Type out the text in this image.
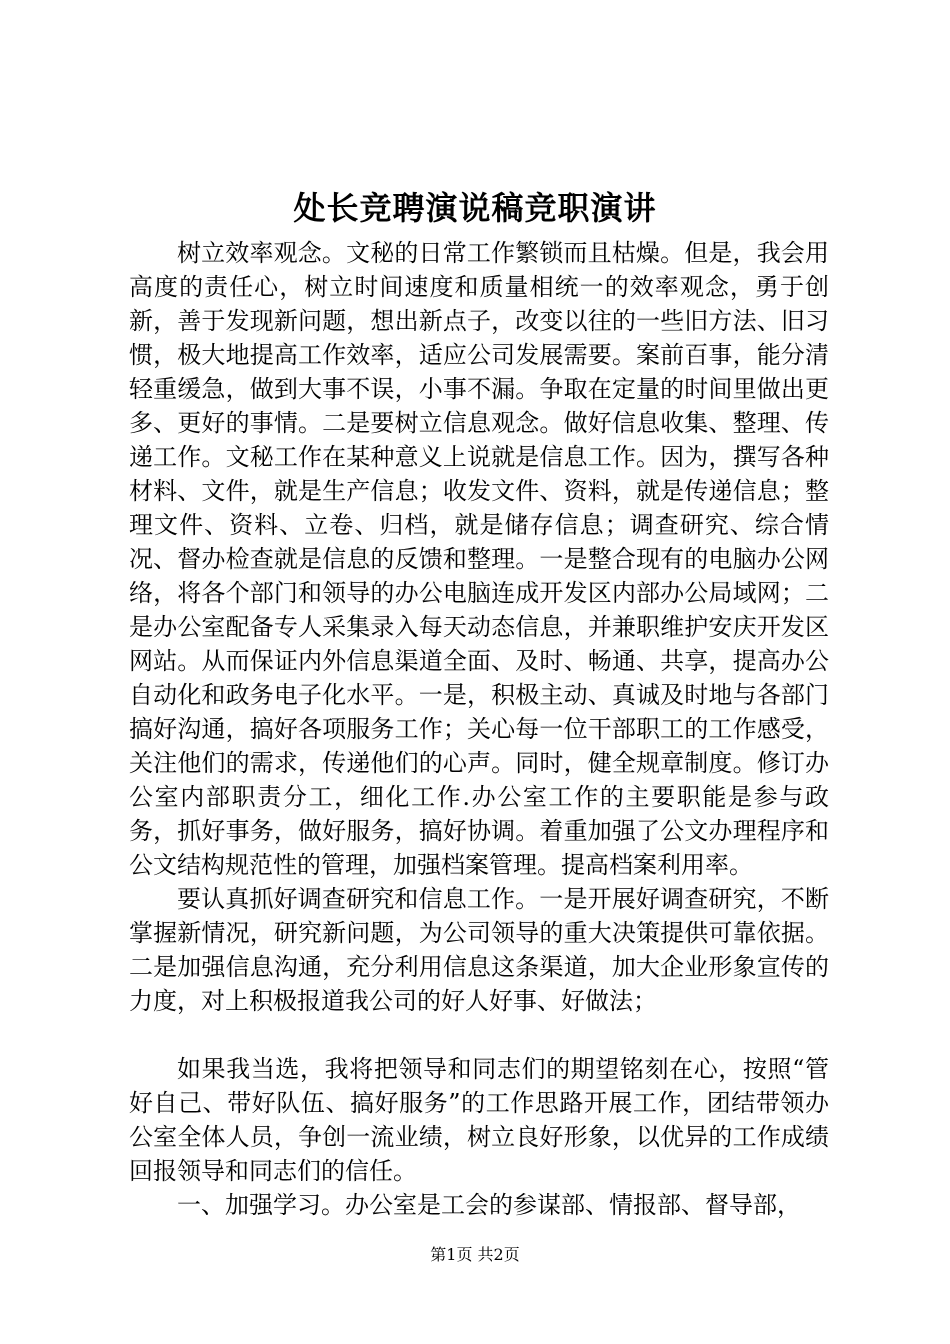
处长竞聘演说稿竞职演讲

树立效率观念。文秘的日常工作繁锁而且枯燥。但是，我会用高度的责任心，树立时间速度和质量相统一的效率观念，勇于创新，善于发现新问题，想出新点子，改变以往的一些旧方法、旧习惯，极大地提高工作效率，适应公司发展需要。案前百事，能分清轻重缓急，做到大事不误，小事不漏。争取在定量的时间里做出更多、更好的事情。二是要树立信息观念。做好信息收集、整理、传递工作。文秘工作在某种意义上说就是信息工作。因为，撰写各种材料、文件，就是生产信息；收发文件、资料，就是传递信息；整理文件、资料、立卷、归档，就是储存信息；调查研究、综合情况、督办检查就是信息的反馈和整理。一是整合现有的电脑办公网络，将各个部门和领导的办公电脑连成开发区内部办公局域网；二是办公室配备专人采集录入每天动态信息，并兼职维护安庆开发区网站。从而保证内外信息渠道全面、及时、畅通、共享，提高办公自动化和政务电子化水平。一是，积极主动、真诚及时地与各部门搞好沟通，搞好各项服务工作；关心每一位干部职工的工作感受，关注他们的需求，传递他们的心声。同时，健全规章制度。修订办公室内部职责分工，细化工作.办公室工作的主要职能是参与政务，抓好事务，做好服务，搞好协调。着重加强了公文办理程序和公文结构规范性的管理，加强档案管理。提高档案利用率。

要认真抓好调查研究和信息工作。一是开展好调查研究，不断掌握新情况，研究新问题，为公司领导的重大决策提供可靠依据。二是加强信息沟通，充分利用信息这条渠道，加大企业形象宣传的力度，对上积极报道我公司的好人好事、好做法；

如果我当选，我将把领导和同志们的期望铭刻在心，按照“管好自己、带好队伍、搞好服务”的工作思路开展工作，团结带领办公室全体人员，争创一流业绩，树立良好形象，以优异的工作成绩回报领导和同志们的信任。

一、加强学习。办公室是工会的参谋部、情报部、督导部，

第1页 共2页
